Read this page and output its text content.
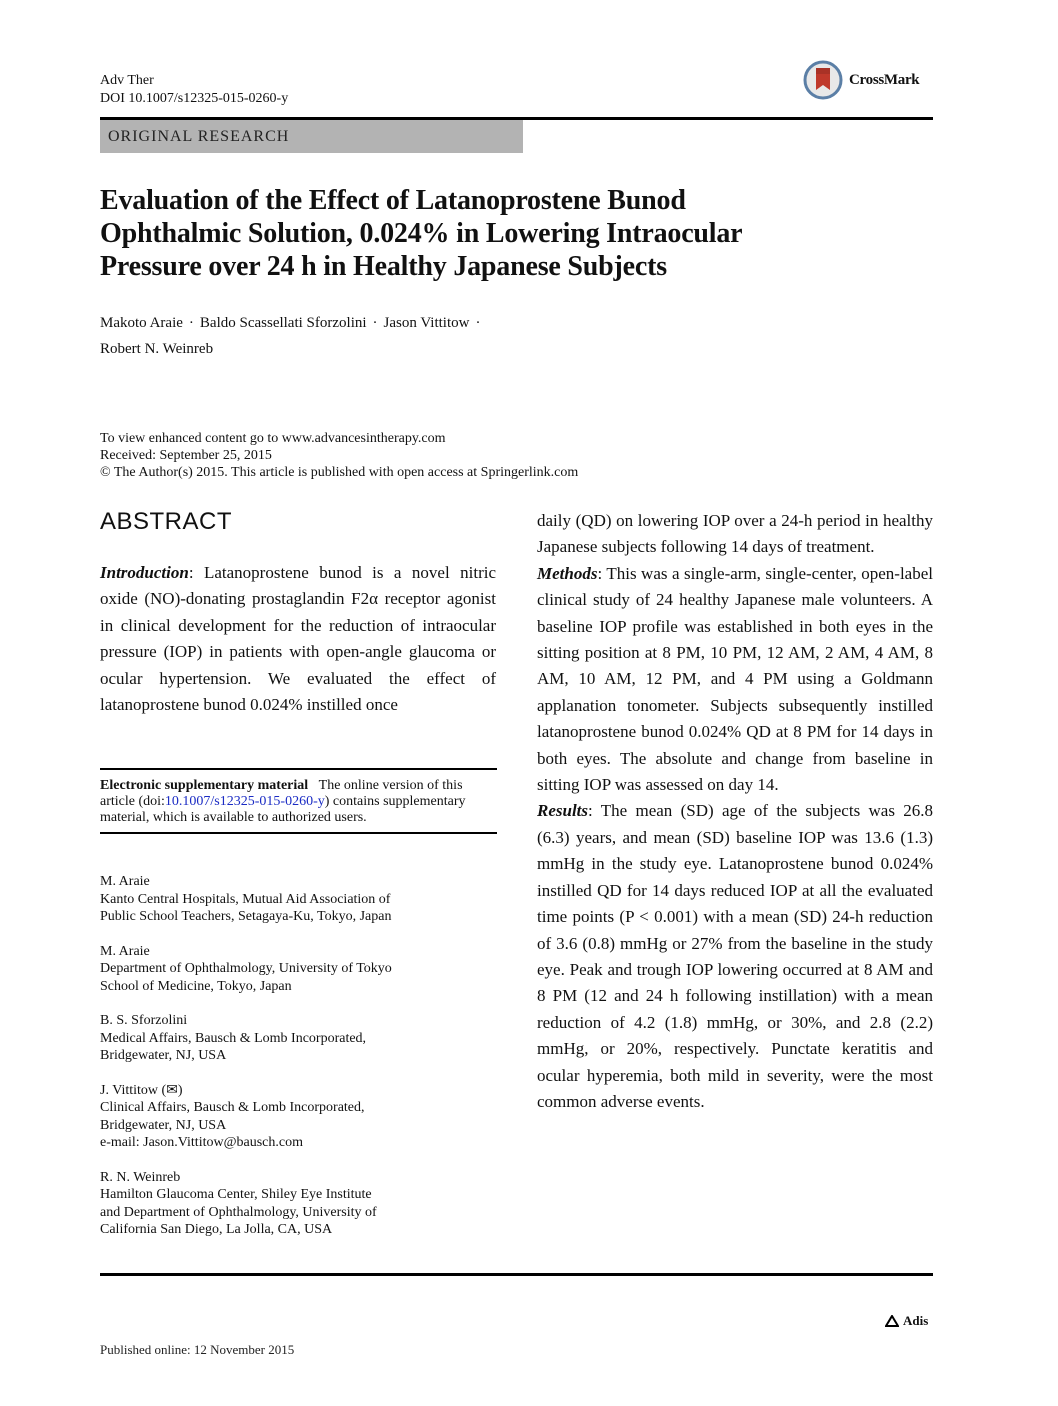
Adv Ther
DOI 10.1007/s12325-015-0260-y
CrossMark
ORIGINAL RESEARCH
Evaluation of the Effect of Latanoprostene Bunod
Ophthalmic Solution, 0.024% in Lowering Intraocular
Pressure over 24 h in Healthy Japanese Subjects
Makoto Araie · Baldo Scassellati Sforzolini · Jason Vittitow ·
Robert N. Weinreb
To view enhanced content go to www.advancesintherapy.com
Received: September 25, 2015
© The Author(s) 2015. This article is published with open access at Springerlink.com
ABSTRACT
Introduction: Latanoprostene bunod is a novel nitric oxide (NO)-donating prostaglandin F2α receptor agonist in clinical development for the reduction of intraocular pressure (IOP) in patients with open-angle glaucoma or ocular hypertension. We evaluated the effect of latanoprostene bunod 0.024% instilled once
Electronic supplementary material The online version of this article (doi:10.1007/s12325-015-0260-y) contains supplementary material, which is available to authorized users.
M. Araie
Kanto Central Hospitals, Mutual Aid Association of
Public School Teachers, Setagaya-Ku, Tokyo, Japan
M. Araie
Department of Ophthalmology, University of Tokyo
School of Medicine, Tokyo, Japan
B. S. Sforzolini
Medical Affairs, Bausch & Lomb Incorporated,
Bridgewater, NJ, USA
J. Vittitow (✉)
Clinical Affairs, Bausch & Lomb Incorporated,
Bridgewater, NJ, USA
e-mail: Jason.Vittitow@bausch.com
R. N. Weinreb
Hamilton Glaucoma Center, Shiley Eye Institute
and Department of Ophthalmology, University of
California San Diego, La Jolla, CA, USA
daily (QD) on lowering IOP over a 24-h period in healthy Japanese subjects following 14 days of treatment.
Methods: This was a single-arm, single-center, open-label clinical study of 24 healthy Japanese male volunteers. A baseline IOP profile was established in both eyes in the sitting position at 8 PM, 10 PM, 12 AM, 2 AM, 4 AM, 8 AM, 10 AM, 12 PM, and 4 PM using a Goldmann applanation tonometer. Subjects subsequently instilled latanoprostene bunod 0.024% QD at 8 PM for 14 days in both eyes. The absolute and change from baseline in sitting IOP was assessed on day 14.
Results: The mean (SD) age of the subjects was 26.8 (6.3) years, and mean (SD) baseline IOP was 13.6 (1.3) mmHg in the study eye. Latanoprostene bunod 0.024% instilled QD for 14 days reduced IOP at all the evaluated time points (P < 0.001) with a mean (SD) 24-h reduction of 3.6 (0.8) mmHg or 27% from the baseline in the study eye. Peak and trough IOP lowering occurred at 8 AM and 8 PM (12 and 24 h following instillation) with a mean reduction of 4.2 (1.8) mmHg, or 30%, and 2.8 (2.2) mmHg, or 20%, respectively. Punctate keratitis and ocular hyperemia, both mild in severity, were the most common adverse events.
Adis
Published online: 12 November 2015
